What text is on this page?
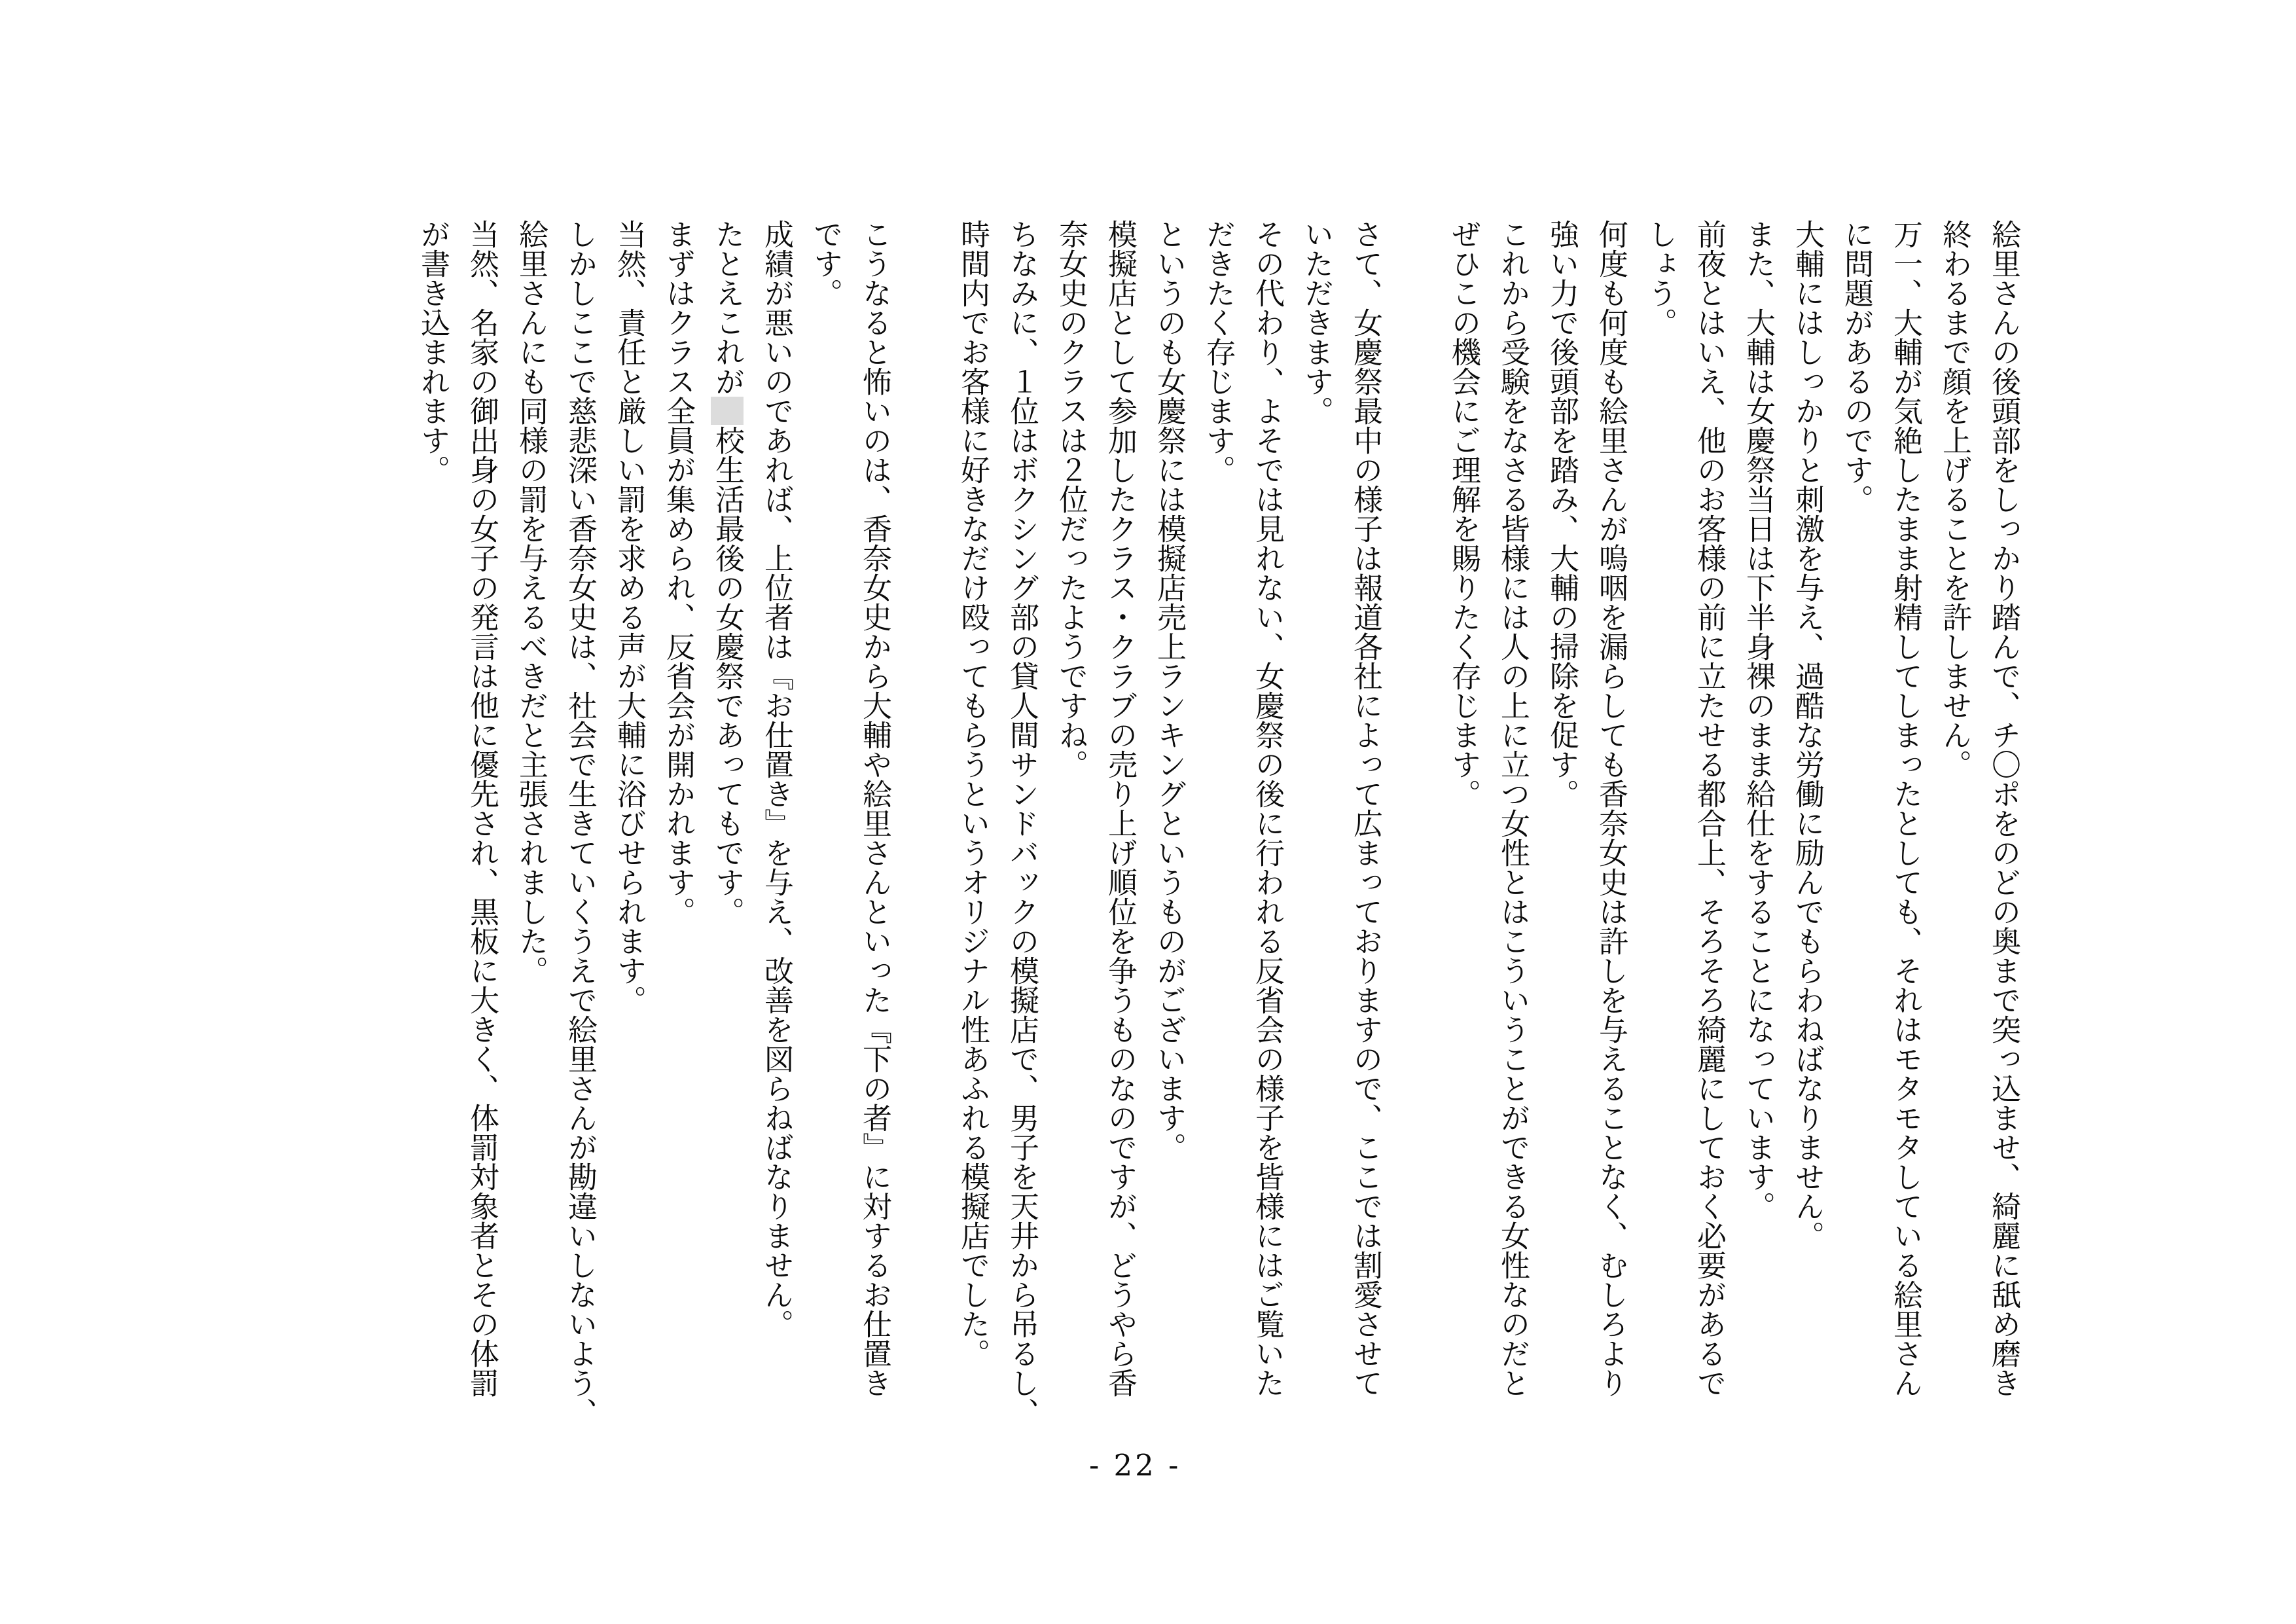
絵里さんの後頭部をしっかり踏んで、チ〇ポをのどの奥まで突っ込ませ、綺麗に舐め磨き
終わるまで顔を上げることを許しません。
万一、大輔が気絶したまま射精してしまったとしても、それはモタモタしている絵里さん
に問題があるのです。
大輔にはしっかりと刺激を与え、過酷な労働に励んでもらわねばなりません。
また、大輔は女慶祭当日は下半身裸のまま給仕をすることになっています。
前夜とはいえ、他のお客様の前に立たせる都合上、そろそろ綺麗にしておく必要があるで
しょう。
何度も何度も絵里さんが嗚咽を漏らしても香奈女史は許しを与えることなく、むしろより
強い力で後頭部を踏み、大輔の掃除を促す。
これから受験をなさる皆様には人の上に立つ女性とはこういうことができる女性なのだと
ぜひこの機会にご理解を賜りたく存じます。
さて、女慶祭最中の様子は報道各社によって広まっておりますので、ここでは割愛させて
いただきます。
その代わり、よそでは見れない、女慶祭の後に行われる反省会の様子を皆様にはご覧いた
だきたく存じます。
というのも女慶祭には模擬店売上ランキングというものがございます。
模擬店として参加したクラス・クラブの売り上げ順位を争うものなのですが、どうやら香
奈女史のクラスは２位だったようですね。
ちなみに、１位はボクシング部の貸人間サンドバックの模擬店で、男子を天井から吊るし、
時間内でお客様に好きなだけ殴ってもらうというオリジナル性あふれる模擬店でした。
こうなると怖いのは、香奈女史から大輔や絵里さんといった『下の者』に対するお仕置き
です。
成績が悪いのであれば、上位者は『お仕置き』を与え、改善を図らねばなりません。
たとえこれが校生活最後の女慶祭であってもです。
まずはクラス全員が集められ、反省会が開かれます。
当然、責任と厳しい罰を求める声が大輔に浴びせられます。
しかしここで慈悲深い香奈女史は、社会で生きていくうえで絵里さんが勘違いしないよう、
絵里さんにも同様の罰を与えるべきだと主張されました。
当然、名家の御出身の女子の発言は他に優先され、黒板に大きく、体罰対象者とその体罰
が書き込まれます。
- 22 -
